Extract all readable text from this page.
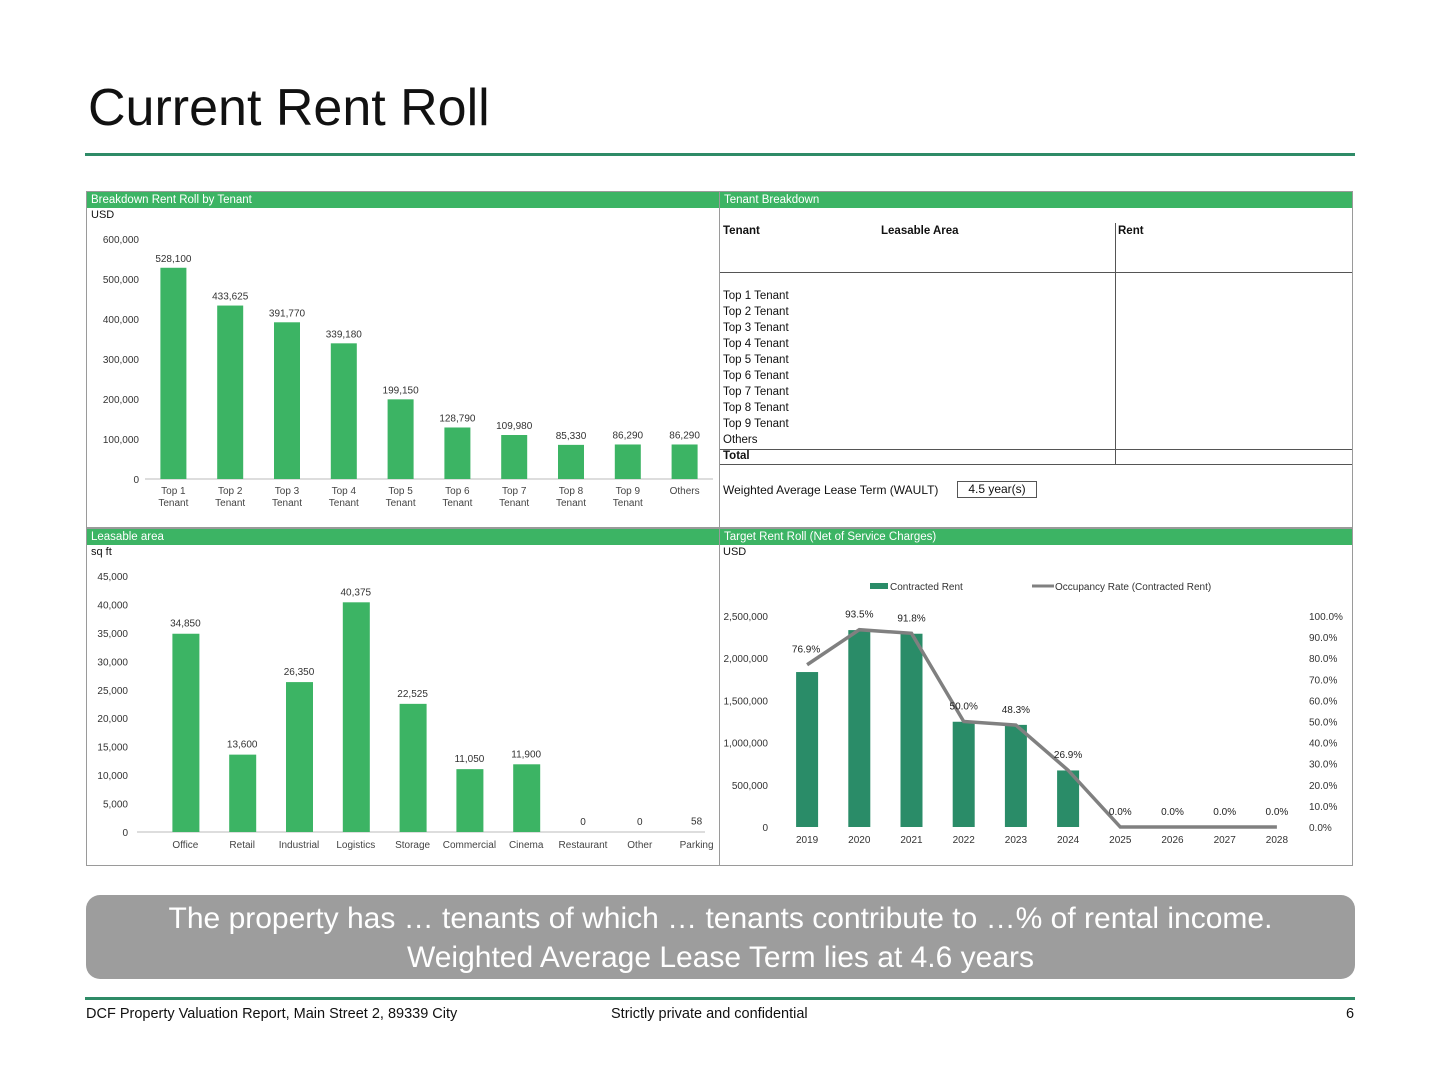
Current Rent Roll
Breakdown Rent Roll by Tenant
USD
0
100,000
200,000
300,000
400,000
500,000
600,000
528,100
Top 1
Tenant
433,625
Top 2
Tenant
391,770
Top 3
Tenant
339,180
Top 4
Tenant
199,150
Top 5
Tenant
128,790
Top 6
Tenant
109,980
Top 7
Tenant
85,330
Top 8
Tenant
86,290
Top 9
Tenant
86,290
Others
Tenant Breakdown
Tenant	Leasable Area	Rent
Top 1 Tenant
Top 2 Tenant
Top 3 Tenant
Top 4 Tenant
Top 5 Tenant
Top 6 Tenant
Top 7 Tenant
Top 8 Tenant
Top 9 Tenant
Others
Total
Weighted Average Lease Term (WAULT)	4.5 year(s)
Leasable area
sq ft
0
5,000
10,000
15,000
20,000
25,000
30,000
35,000
40,000
45,000
34,850
Office
13,600
Retail
26,350
Industrial
40,375
Logistics
22,525
Storage
11,050
Commercial
11,900
Cinema
0
Restaurant
0
Other
58
Parking
Target Rent Roll (Net of Service Charges)
USD
Contracted Rent	Occupancy Rate (Contracted Rent)
0
500,000
1,000,000
1,500,000
2,000,000
2,500,000
0.0%
10.0%
20.0%
30.0%
40.0%
50.0%
60.0%
70.0%
80.0%
90.0%
100.0%
2019	2020	2021	2022	2023	2024	2025	2026	2027	2028
76.9%
93.5% 91.8%
50.0% 48.3%
26.9%
0.0%	0.0%	0.0%	0.0%
The property has … tenants of which … tenants contribute to …% of rental income.
Weighted Average Lease Term lies at 4.6 years
DCF Property Valuation Report, Main Street 2, 89339 City	Strictly private and confidential	6
